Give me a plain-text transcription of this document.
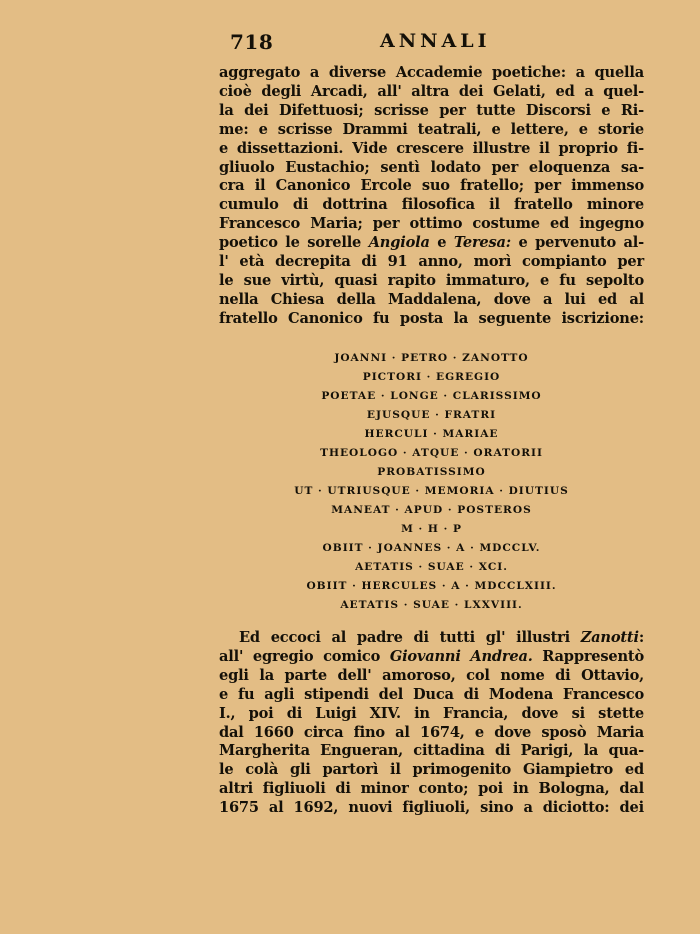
718	ANNALI
aggregato a diverse Accademie poetiche: a quella
cioè degli Arcadi, all' altra dei Gelati, ed a quel-
la dei Difettuosi; scrisse per tutte Discorsi e Ri-
me: e scrisse Drammi teatrali, e lettere, e storie
e dissettazioni. Vide crescere illustre il proprio fi-
gliuolo Eustachio; sentì lodato per eloquenza sa-
cra il Canonico Ercole suo fratello; per immenso
cumulo di dottrina filosofica il fratello minore
Francesco Maria; per ottimo costume ed ingegno
poetico le sorelle Angiola e Teresa: e pervenuto al-
l' età decrepita di 91 anno, morì compianto per
le sue virtù, quasi rapito immaturo, e fu sepolto
nella Chiesa della Maddalena, dove a lui ed al
fratello Canonico fu posta la seguente iscrizione:
JOANNI · PETRO · ZANOTTO
PICTORI · EGREGIO
POETAE · LONGE · CLARISSIMO
EJUSQUE · FRATRI
HERCULI · MARIAE
THEOLOGO · ATQUE · ORATORII
PROBATISSIMO
UT · UTRIUSQUE · MEMORIA · DIUTIUS
MANEAT · APUD · POSTEROS
M · H · P
OBIIT · JOANNES · A · MDCCLV.
AETATIS · SUAE · XCI.
OBIIT · HERCULES · A · MDCCLXIII.
AETATIS · SUAE · LXXVIII.
Ed eccoci al padre di tutti gl' illustri Zanotti:
all' egregio comico Giovanni Andrea. Rappresentò
egli la parte dell' amoroso, col nome di Ottavio,
e fu agli stipendi del Duca di Modena Francesco
I., poi di Luigi XIV. in Francia, dove si stette
dal 1660 circa fino al 1674, e dove sposò Maria
Margherita Engueran, cittadina di Parigi, la qua-
le colà gli partorì il primogenito Giampietro ed
altri figliuoli di minor conto; poi in Bologna, dal
1675 al 1692, nuovi figliuoli, sino a diciotto: dei
